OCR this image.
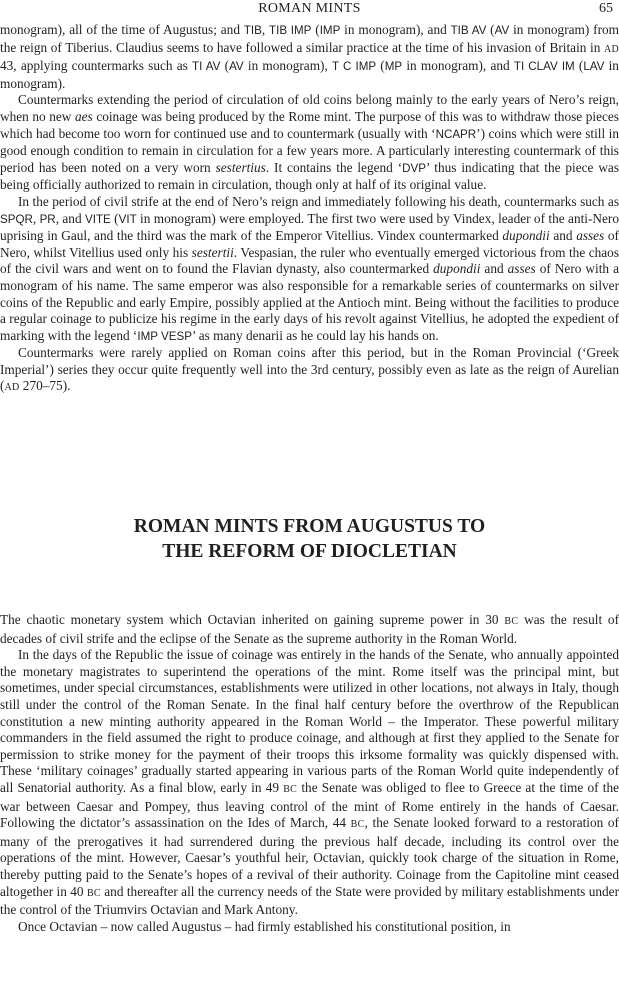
ROMAN MINTS	65

monogram), all of the time of Augustus; and TIB, TIB IMP (IMP in monogram), and TIB AV (AV in monogram) from the reign of Tiberius. Claudius seems to have followed a similar practice at the time of his invasion of Britain in AD 43, applying countermarks such as TI AV (AV in monogram), T C IMP (MP in monogram), and TI CLAV IM (LAV in monogram).

Countermarks extending the period of circulation of old coins belong mainly to the early years of Nero’s reign, when no new aes coinage was being produced by the Rome mint. The purpose of this was to withdraw those pieces which had become too worn for continued use and to countermark (usually with ‘NCAPR’) coins which were still in good enough condition to remain in circulation for a few years more. A particularly interesting countermark of this period has been noted on a very worn sestertius. It contains the legend ‘DVP’ thus indicating that the piece was being officially authorized to remain in circulation, though only at half of its original value.

In the period of civil strife at the end of Nero’s reign and immediately following his death, countermarks such as SPQR, PR, and VITE (VIT in monogram) were employed. The first two were used by Vindex, leader of the anti-Nero uprising in Gaul, and the third was the mark of the Emperor Vitellius. Vindex countermarked dupondii and asses of Nero, whilst Vitellius used only his sestertii. Vespasian, the ruler who eventually emerged victorious from the chaos of the civil wars and went on to found the Flavian dynasty, also countermarked dupondii and asses of Nero with a monogram of his name. The same emperor was also responsible for a remarkable series of countermarks on silver coins of the Republic and early Empire, possibly applied at the Antioch mint. Being without the facilities to produce a regular coinage to publicize his regime in the early days of his revolt against Vitellius, he adopted the expedient of marking with the legend ‘IMP VESP’ as many denarii as he could lay his hands on.

Countermarks were rarely applied on Roman coins after this period, but in the Roman Provincial (‘Greek Imperial’) series they occur quite frequently well into the 3rd century, possibly even as late as the reign of Aurelian (AD 270–75).

ROMAN MINTS FROM AUGUSTUS TO
THE REFORM OF DIOCLETIAN

The chaotic monetary system which Octavian inherited on gaining supreme power in 30 BC was the result of decades of civil strife and the eclipse of the Senate as the supreme authority in the Roman World.

In the days of the Republic the issue of coinage was entirely in the hands of the Senate, who annually appointed the monetary magistrates to superintend the operations of the mint. Rome itself was the principal mint, but sometimes, under special circumstances, establishments were utilized in other locations, not always in Italy, though still under the control of the Roman Senate. In the final half century before the overthrow of the Republican constitution a new minting authority appeared in the Roman World – the Imperator. These powerful military commanders in the field assumed the right to produce coinage, and although at first they applied to the Senate for permission to strike money for the payment of their troops this irksome formality was quickly dispensed with. These ‘military coinages’ gradually started appearing in various parts of the Roman World quite independently of all Senatorial authority. As a final blow, early in 49 BC the Senate was obliged to flee to Greece at the time of the war between Caesar and Pompey, thus leaving control of the mint of Rome entirely in the hands of Caesar. Following the dictator’s assassination on the Ides of March, 44 BC, the Senate looked forward to a restoration of many of the prerogatives it had surrendered during the previous half decade, including its control over the operations of the mint. However, Caesar’s youthful heir, Octavian, quickly took charge of the situation in Rome, thereby putting paid to the Senate’s hopes of a revival of their authority. Coinage from the Capitoline mint ceased altogether in 40 BC and thereafter all the currency needs of the State were provided by military establishments under the control of the Triumvirs Octavian and Mark Antony.

Once Octavian – now called Augustus – had firmly established his constitutional position, in
